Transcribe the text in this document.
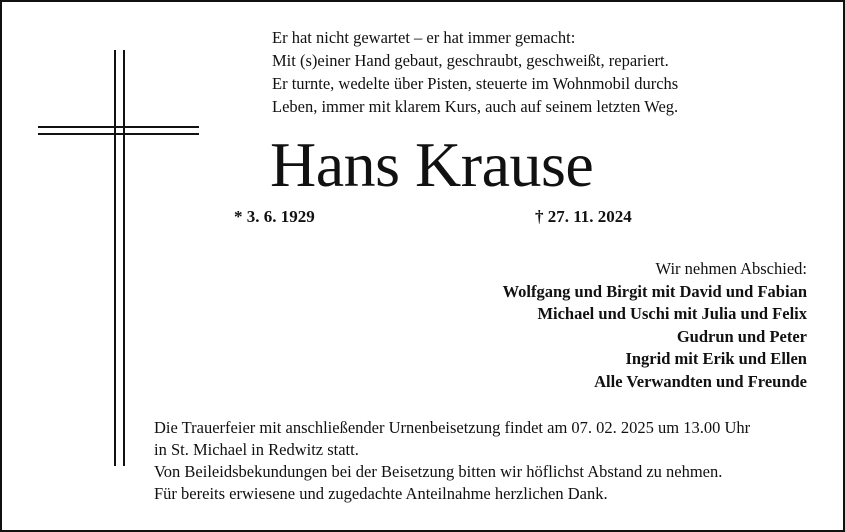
Er hat nicht gewartet – er hat immer gemacht:
Mit (s)einer Hand gebaut, geschraubt, geschweißt, repariert.
Er turnte, wedelte über Pisten, steuerte im Wohnmobil durchs
Leben, immer mit klarem Kurs, auch auf seinem letzten Weg.
Hans Krause
* 3. 6. 1929	† 27. 11. 2024
Wir nehmen Abschied:
Wolfgang und Birgit mit David und Fabian
Michael und Uschi mit Julia und Felix
Gudrun und Peter
Ingrid mit Erik und Ellen
Alle Verwandten und Freunde
Die Trauerfeier mit anschließender Urnenbeisetzung findet am 07. 02. 2025 um 13.00 Uhr
in St. Michael in Redwitz statt.
Von Beileidsbekundungen bei der Beisetzung bitten wir höflichst Abstand zu nehmen.
Für bereits erwiesene und zugedachte Anteilnahme herzlichen Dank.
